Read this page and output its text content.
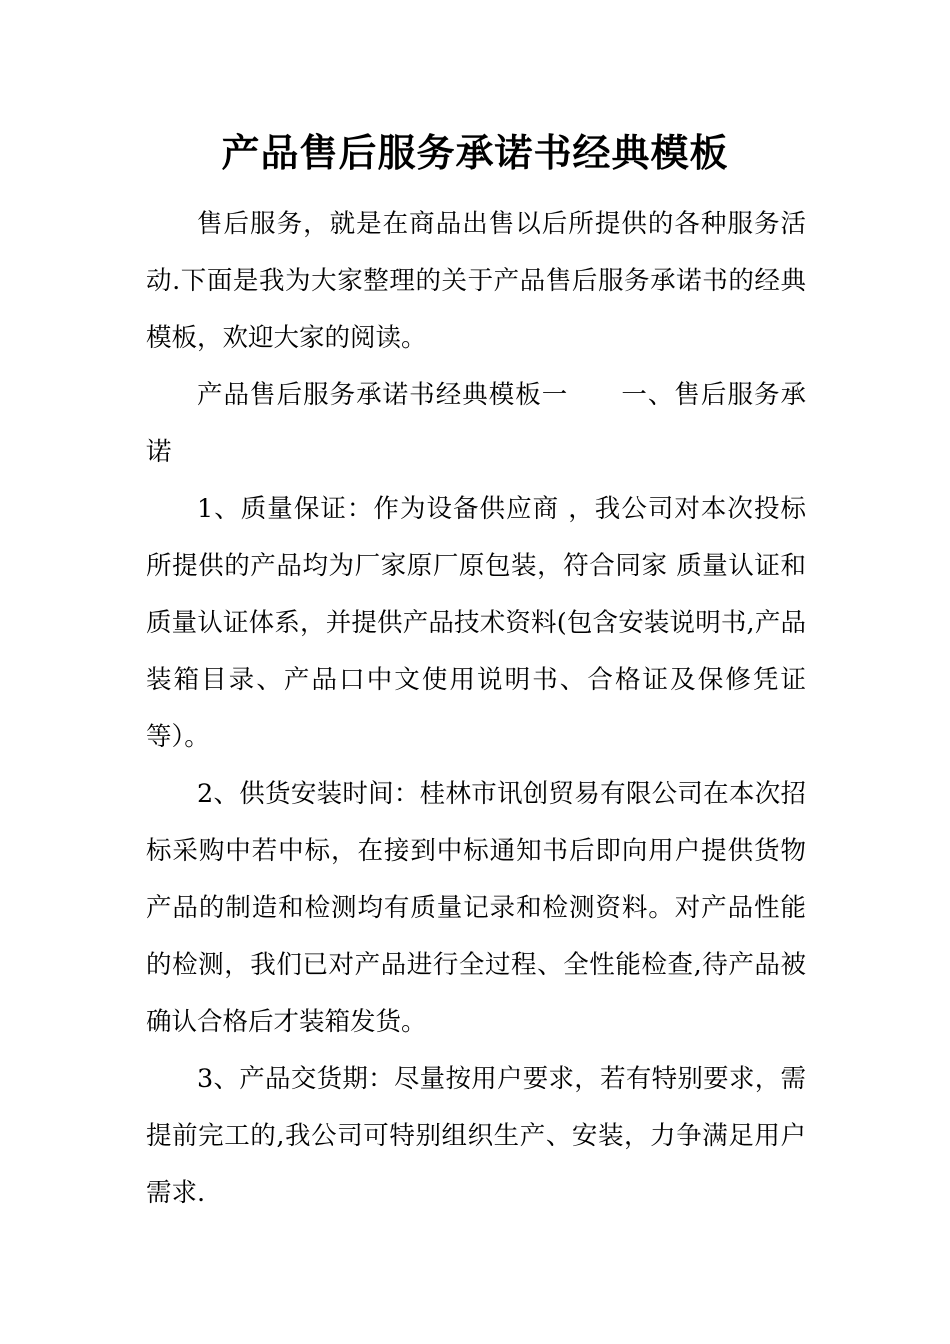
产品售后服务承诺书经典模板

售后服务，就是在商品出售以后所提供的各种服务活动.下面是我为大家整理的关于产品售后服务承诺书的经典模板，欢迎大家的阅读。

产品售后服务承诺书经典模板一 一、售后服务承诺

1、质量保证：作为设备供应商 ，我公司对本次投标所提供的产品均为厂家原厂原包装，符合同家 质量认证和质量认证体系，并提供产品技术资料(包含安装说明书,产品装箱目录、产品口中文使用说明书、合格证及保修凭证等）。

2、供货安装时间：桂林市讯创贸易有限公司在本次招标采购中若中标，在接到中标通知书后即向用户提供货物产品的制造和检测均有质量记录和检测资料。对产品性能的检测，我们已对产品进行全过程、全性能检查,待产品被确认合格后才装箱发货。

3、产品交货期：尽量按用户要求，若有特别要求，需提前完工的,我公司可特别组织生产、安装，力争满足用户需求.
